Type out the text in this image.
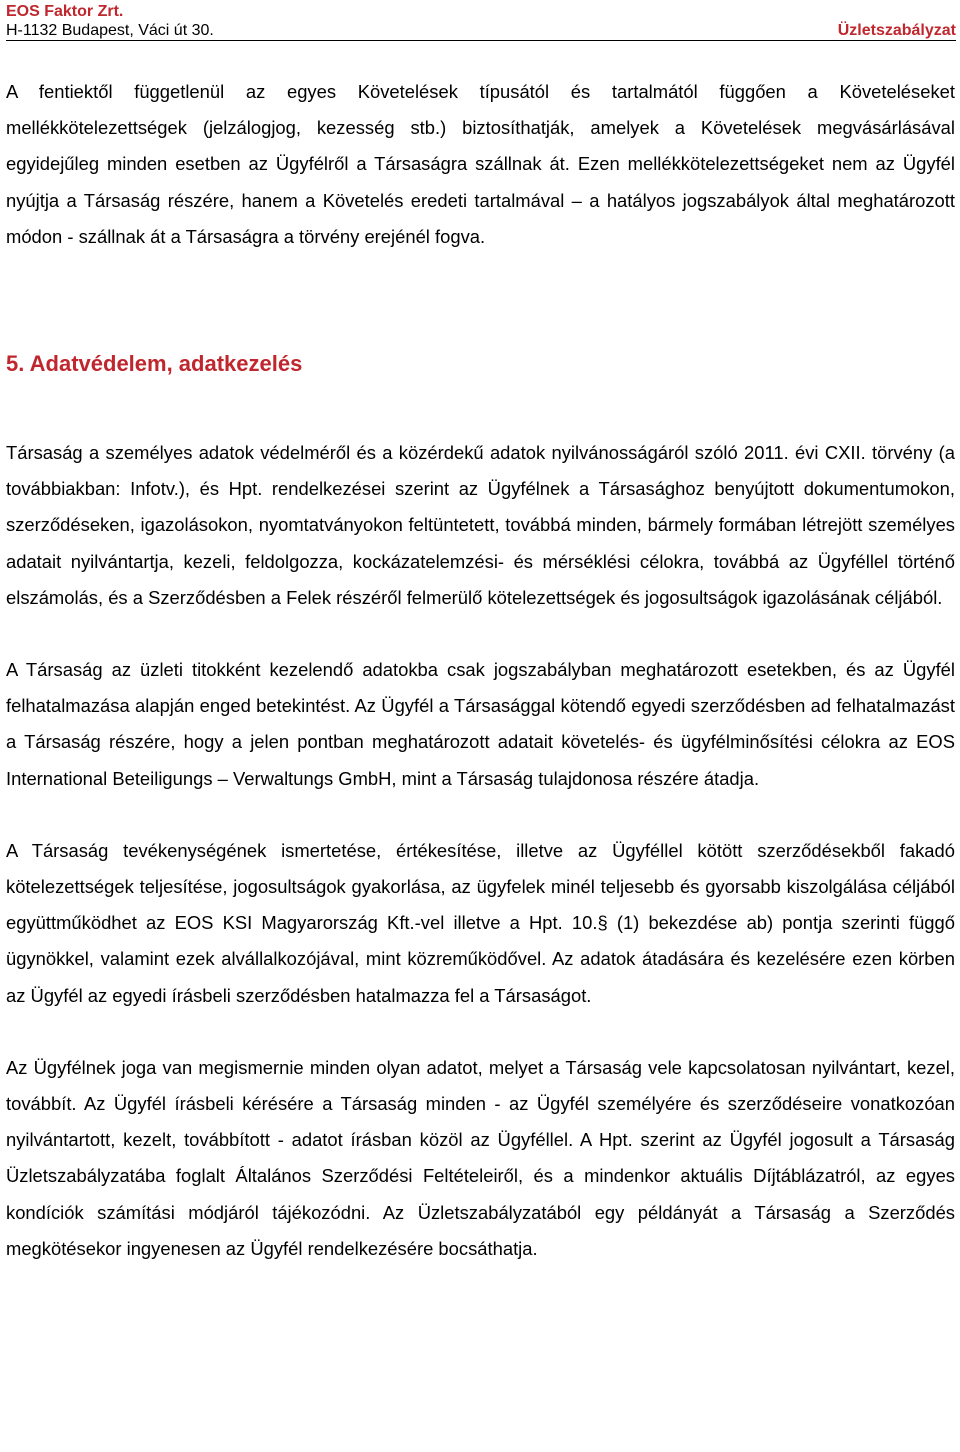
EOS Faktor Zrt.
H-1132 Budapest, Váci út 30.	Üzletszabályzat

A fentiektől függetlenül az egyes Követelések típusától és tartalmától függően a Követeléseket mellékkötelezettségek (jelzálogjog, kezesség stb.) biztosíthatják, amelyek a Követelések megvásárlásával egyidejűleg minden esetben az Ügyfélről a Társaságra szállnak át. Ezen mellékkötelezettségeket nem az Ügyfél nyújtja a Társaság részére, hanem a Követelés eredeti tartalmával – a hatályos jogszabályok által meghatározott módon - szállnak át a Társaságra a törvény erejénél fogva.

5. Adatvédelem, adatkezelés

Társaság a személyes adatok védelméről és a közérdekű adatok nyilvánosságáról szóló 2011. évi CXII. törvény (a továbbiakban: Infotv.), és Hpt. rendelkezései szerint az Ügyfélnek a Társasághoz benyújtott dokumentumokon, szerződéseken, igazolásokon, nyomtatványokon feltüntetett, továbbá minden, bármely formában létrejött személyes adatait nyilvántartja, kezeli, feldolgozza, kockázatelemzési- és mérséklési célokra, továbbá az Ügyféllel történő elszámolás, és a Szerződésben a Felek részéről felmerülő kötelezettségek és jogosultságok igazolásának céljából.

A Társaság az üzleti titokként kezelendő adatokba csak jogszabályban meghatározott esetekben, és az Ügyfél felhatalmazása alapján enged betekintést. Az Ügyfél a Társasággal kötendő egyedi szerződésben ad felhatalmazást a Társaság részére, hogy a jelen pontban meghatározott adatait követelés- és ügyfélminősítési célokra az EOS International Beteiligungs – Verwaltungs GmbH, mint a Társaság tulajdonosa részére átadja.

A Társaság tevékenységének ismertetése, értékesítése, illetve az Ügyféllel kötött szerződésekből fakadó kötelezettségek teljesítése, jogosultságok gyakorlása, az ügyfelek minél teljesebb és gyorsabb kiszolgálása céljából együttműködhet az EOS KSI Magyarország Kft.-vel illetve a Hpt. 10.§ (1) bekezdése ab) pontja szerinti függő ügynökkel, valamint ezek alvállalkozójával, mint közreműködővel. Az adatok átadására és kezelésére ezen körben az Ügyfél az egyedi írásbeli szerződésben hatalmazza fel a Társaságot.

Az Ügyfélnek joga van megismernie minden olyan adatot, melyet a Társaság vele kapcsolatosan nyilvántart, kezel, továbbít. Az Ügyfél írásbeli kérésére a Társaság minden - az Ügyfél személyére és szerződéseire vonatkozóan nyilvántartott, kezelt, továbbított - adatot írásban közöl az Ügyféllel. A Hpt. szerint az Ügyfél jogosult a Társaság Üzletszabályzatába foglalt Általános Szerződési Feltételeiről, és a mindenkor aktuális Díjtáblázatról, az egyes kondíciók számítási módjáról tájékozódni. Az Üzletszabályzatából egy példányát a Társaság a Szerződés megkötésekor ingyenesen az Ügyfél rendelkezésére bocsáthatja.
